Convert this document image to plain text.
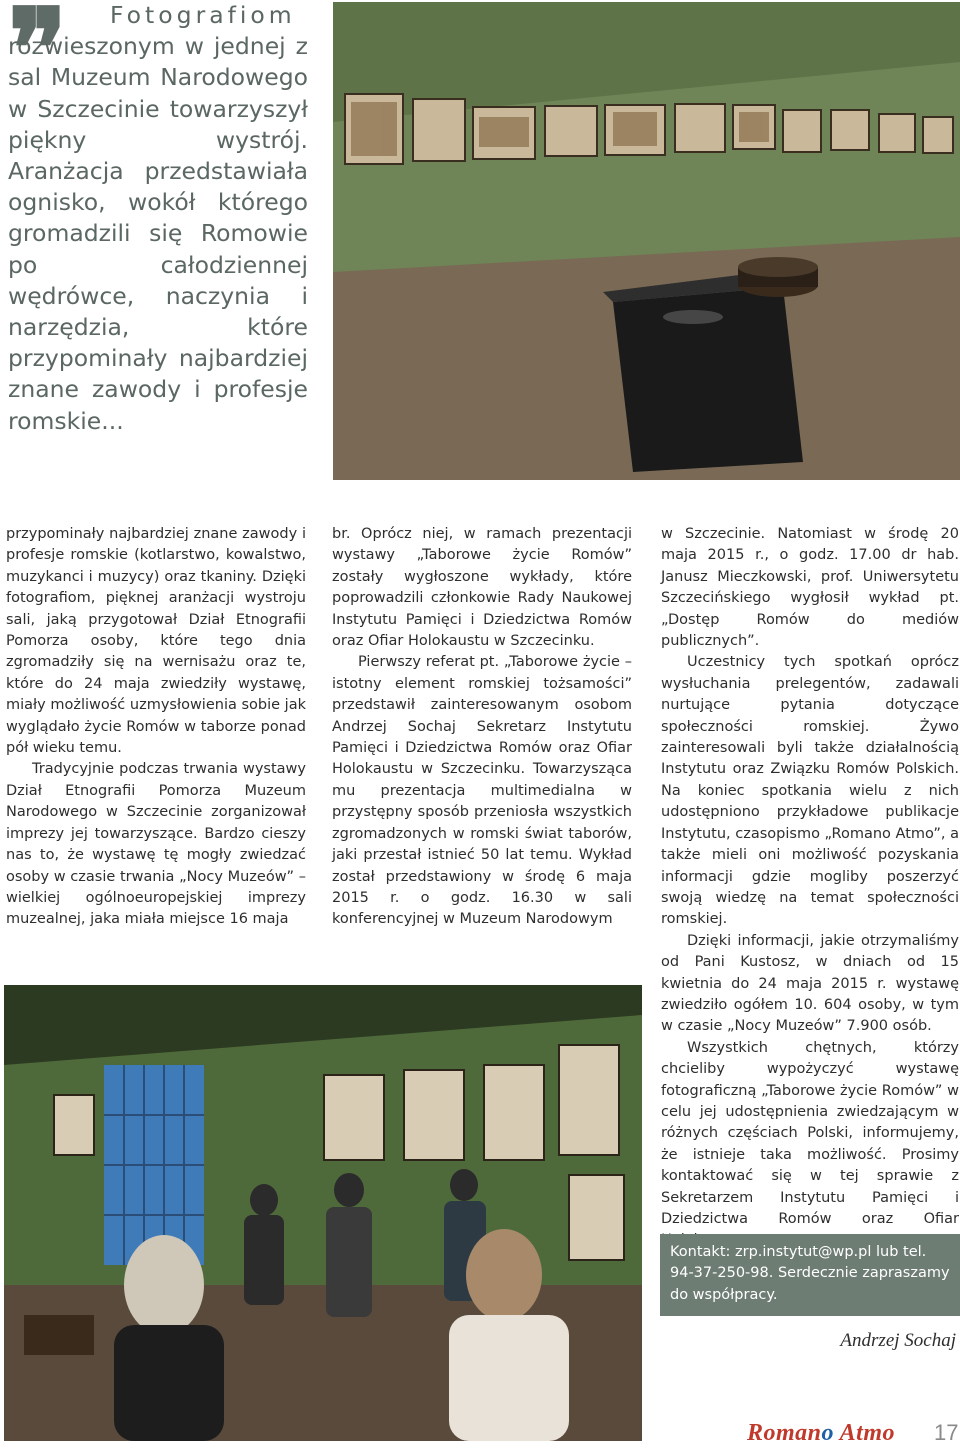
❞	Fotografiom
rozwieszonym w jednej z sal Muzeum Narodowego w Szczecinie towarzyszył piękny wystrój. Aranżacja przedstawiała ognisko, wokół którego gromadzili się Romowie po całodziennej wędrówce, naczynia i narzędzia, które przypominały najbardziej znane zawody i profesje romskie...

przypominały najbardziej znane zawody i profesje romskie (kotlarstwo, kowalstwo, muzykanci i muzycy) oraz tkaniny. Dzięki fotografiom, pięknej aranżacji wystroju sali, jaką przygotował Dział Etnografii Pomorza osoby, które tego dnia zgromadziły się na wernisażu oraz te, które do 24 maja zwiedziły wystawę, miały możliwość uzmysłowienia sobie jak wyglądało życie Romów w taborze ponad pół wieku temu.

Tradycyjnie podczas trwania wystawy Dział Etnografii Pomorza Muzeum Narodowego w Szczecinie zorganizował imprezy jej towarzyszące. Bardzo cieszy nas to, że wystawę tę mogły zwiedzać osoby w czasie trwania „Nocy Muzeów” – wielkiej ogólnoeuropejskiej imprezy muzealnej, jaka miała miejsce 16 maja

br. Oprócz niej, w ramach prezentacji wystawy „Taborowe życie Romów” zostały wygłoszone wykłady, które poprowadzili członkowie Rady Naukowej Instytutu Pamięci i Dziedzictwa Romów oraz Ofiar Holokaustu w Szczecinku.

Pierwszy referat pt. „Taborowe życie – istotny element romskiej tożsamości” przedstawił zainteresowanym osobom Andrzej Sochaj Sekretarz Instytutu Pamięci i Dziedzictwa Romów oraz Ofiar Holokaustu w Szczecinku. Towarzysząca mu prezentacja multimedialna w przystępny sposób przeniosła wszystkich zgromadzonych w romski świat taborów, jaki przestał istnieć 50 lat temu. Wykład został przedstawiony w środę 6 maja 2015 r. o godz. 16.30 w sali konferencyjnej w Muzeum Narodowym

w Szczecinie. Natomiast w środę 20 maja 2015 r., o godz. 17.00 dr hab. Janusz Mieczkowski, prof. Uniwersytetu Szczecińskiego wygłosił wykład pt. „Dostęp Romów do mediów publicznych”.

Uczestnicy tych spotkań oprócz wysłuchania prelegentów, zadawali nurtujące pytania dotyczące społeczności romskiej. Żywo zainteresowali byli także działalnością Instytutu oraz Związku Romów Polskich. Na koniec spotkania wielu z nich udostępniono przykładowe publikacje Instytutu, czasopismo „Romano Atmo”, a także mieli oni możliwość pozyskania informacji gdzie mogliby poszerzyć swoją wiedzę na temat społeczności romskiej.

Dzięki informacji, jakie otrzymaliśmy od Pani Kustosz, w dniach od 15 kwietnia do 24 maja 2015 r. wystawę zwiedziło ogółem 10. 604 osoby, w tym w czasie „Nocy Muzeów” 7.900 osób.

Wszystkich chętnych, którzy chcieliby wypożyczyć wystawę fotograficzną „Taborowe życie Romów” w celu jej udostępnienia zwiedzającym w różnych częściach Polski, informujemy, że istnieje taka możliwość. Prosimy kontaktować się w tej sprawie z Sekretarzem Instytutu Pamięci i Dziedzictwa Romów oraz Ofiar

Kontakt: zrp.instytut@wp.pl lub tel. 94-37-250-98. Serdecznie zapraszamy do współpracy.
Andrzej Sochaj
Romano Atmo 17
